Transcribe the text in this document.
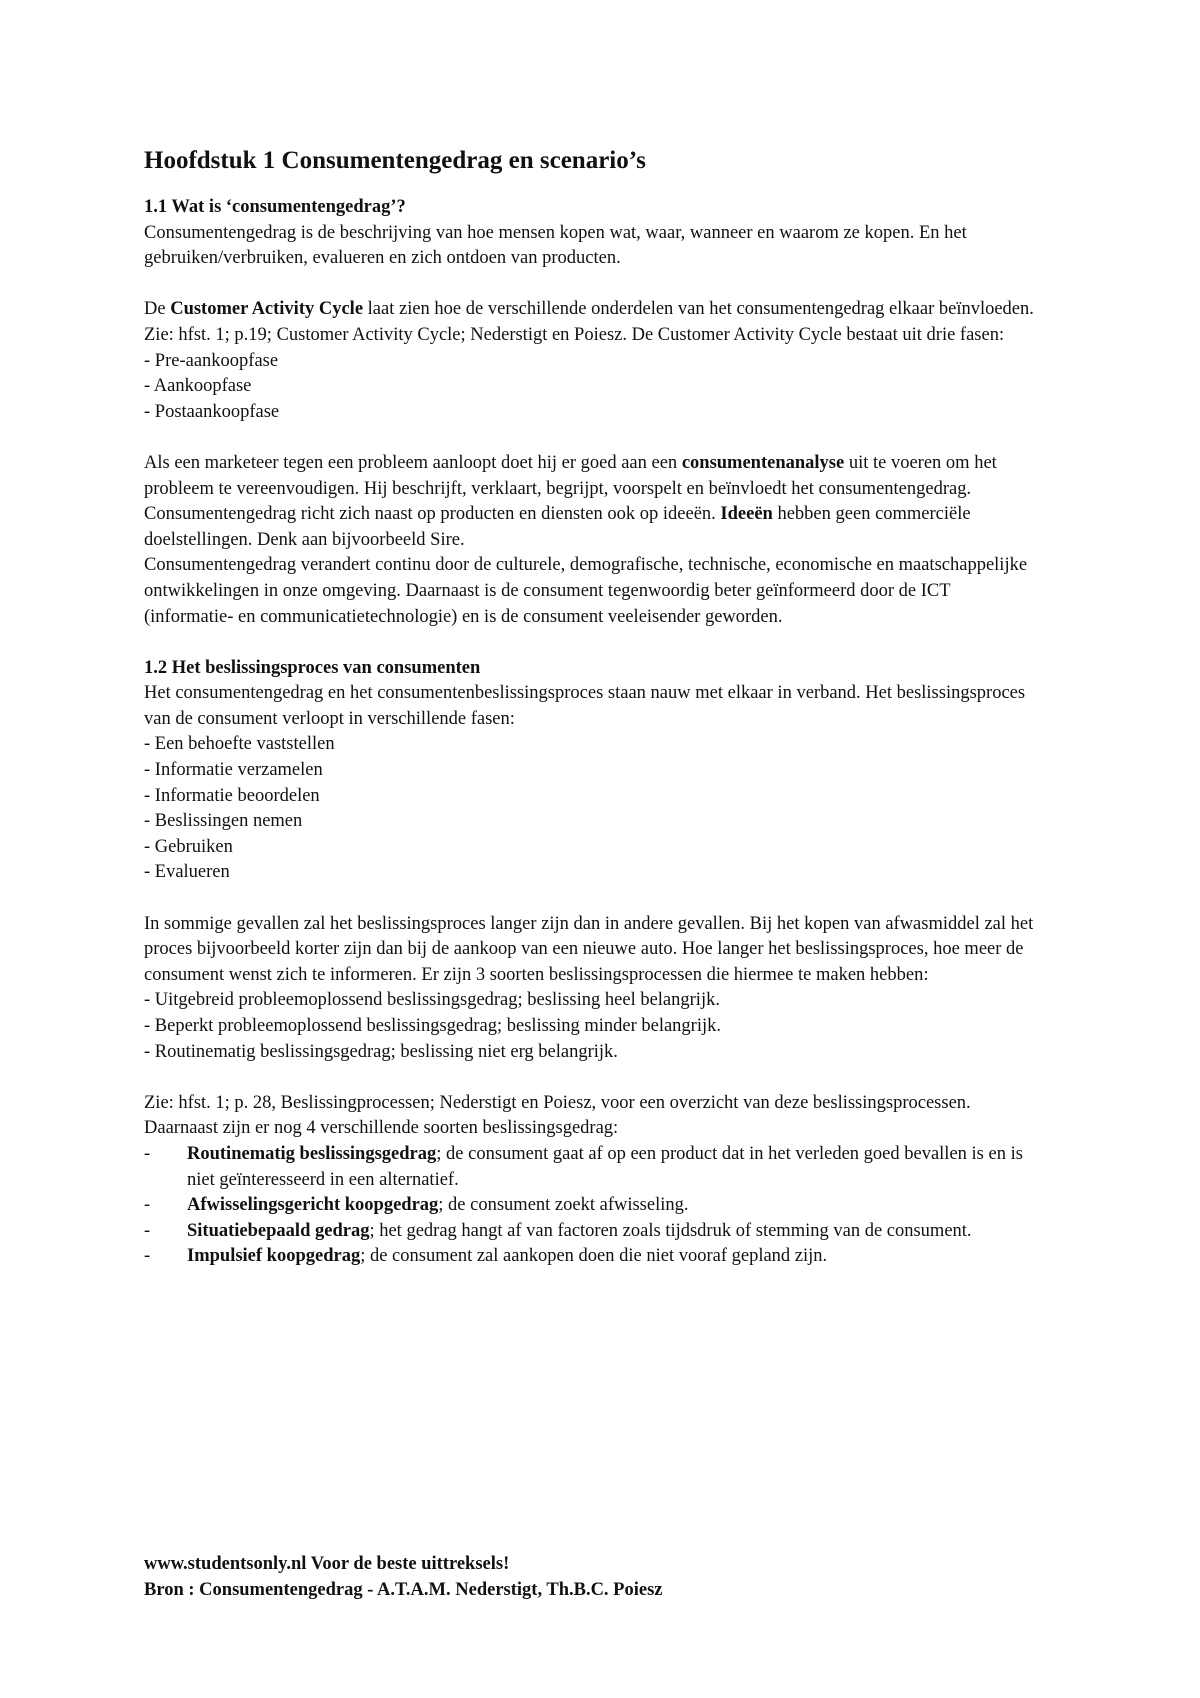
Hoofdstuk 1 Consumentengedrag en scenario’s
1.1 Wat is ‘consumentengedrag’?

Consumentengedrag is de beschrijving van hoe mensen kopen wat, waar, wanneer en waarom ze kopen. En het gebruiken/verbruiken, evalueren en zich ontdoen van producten.

De Customer Activity Cycle laat zien hoe de verschillende onderdelen van het consumentengedrag elkaar beïnvloeden. Zie: hfst. 1; p.19; Customer Activity Cycle; Nederstigt en Poiesz. De Customer Activity Cycle bestaat uit drie fasen:

- Pre-aankoopfase
- Aankoopfase
- Postaankoopfase

Als een marketeer tegen een probleem aanloopt doet hij er goed aan een consumentenanalyse uit te voeren om het probleem te vereenvoudigen. Hij beschrijft, verklaart, begrijpt, voorspelt en beïnvloedt het consumentengedrag.

Consumentengedrag richt zich naast op producten en diensten ook op ideeën. Ideeën hebben geen commerciële doelstellingen. Denk aan bijvoorbeeld Sire.

Consumentengedrag verandert continu door de culturele, demografische, technische, economische en maatschappelijke ontwikkelingen in onze omgeving. Daarnaast is de consument tegenwoordig beter geïnformeerd door de ICT (informatie- en communicatietechnologie) en is de consument veeleisender geworden.

1.2 Het beslissingsproces van consumenten

Het consumentengedrag en het consumentenbeslissingsproces staan nauw met elkaar in verband. Het beslissingsproces van de consument verloopt in verschillende fasen:

- Een behoefte vaststellen
- Informatie verzamelen
- Informatie beoordelen
- Beslissingen nemen
- Gebruiken
- Evalueren

In sommige gevallen zal het beslissingsproces langer zijn dan in andere gevallen. Bij het kopen van afwasmiddel zal het proces bijvoorbeeld korter zijn dan bij de aankoop van een nieuwe auto. Hoe langer het beslissingsproces, hoe meer de consument wenst zich te informeren. Er zijn 3 soorten beslissingsprocessen die hiermee te maken hebben:

- Uitgebreid probleemoplossend beslissingsgedrag; beslissing heel belangrijk.
- Beperkt probleemoplossend beslissingsgedrag; beslissing minder belangrijk.
- Routinematig beslissingsgedrag; beslissing niet erg belangrijk.

Zie: hfst. 1; p. 28, Beslissingprocessen; Nederstigt en Poiesz, voor een overzicht van deze beslissingsprocessen.

Daarnaast zijn er nog 4 verschillende soorten beslissingsgedrag:

- Routinematig beslissingsgedrag; de consument gaat af op een product dat in het verleden goed bevallen is en is niet geïnteresseerd in een alternatief.
- Afwisselingsgericht koopgedrag; de consument zoekt afwisseling.
- Situatiebepaald gedrag; het gedrag hangt af van factoren zoals tijdsdruk of stemming van de consument.
- Impulsief koopgedrag; de consument zal aankopen doen die niet vooraf gepland zijn.
www.studentsonly.nl Voor de beste uittreksels!
Bron : Consumentengedrag - A.T.A.M. Nederstigt, Th.B.C. Poiesz
